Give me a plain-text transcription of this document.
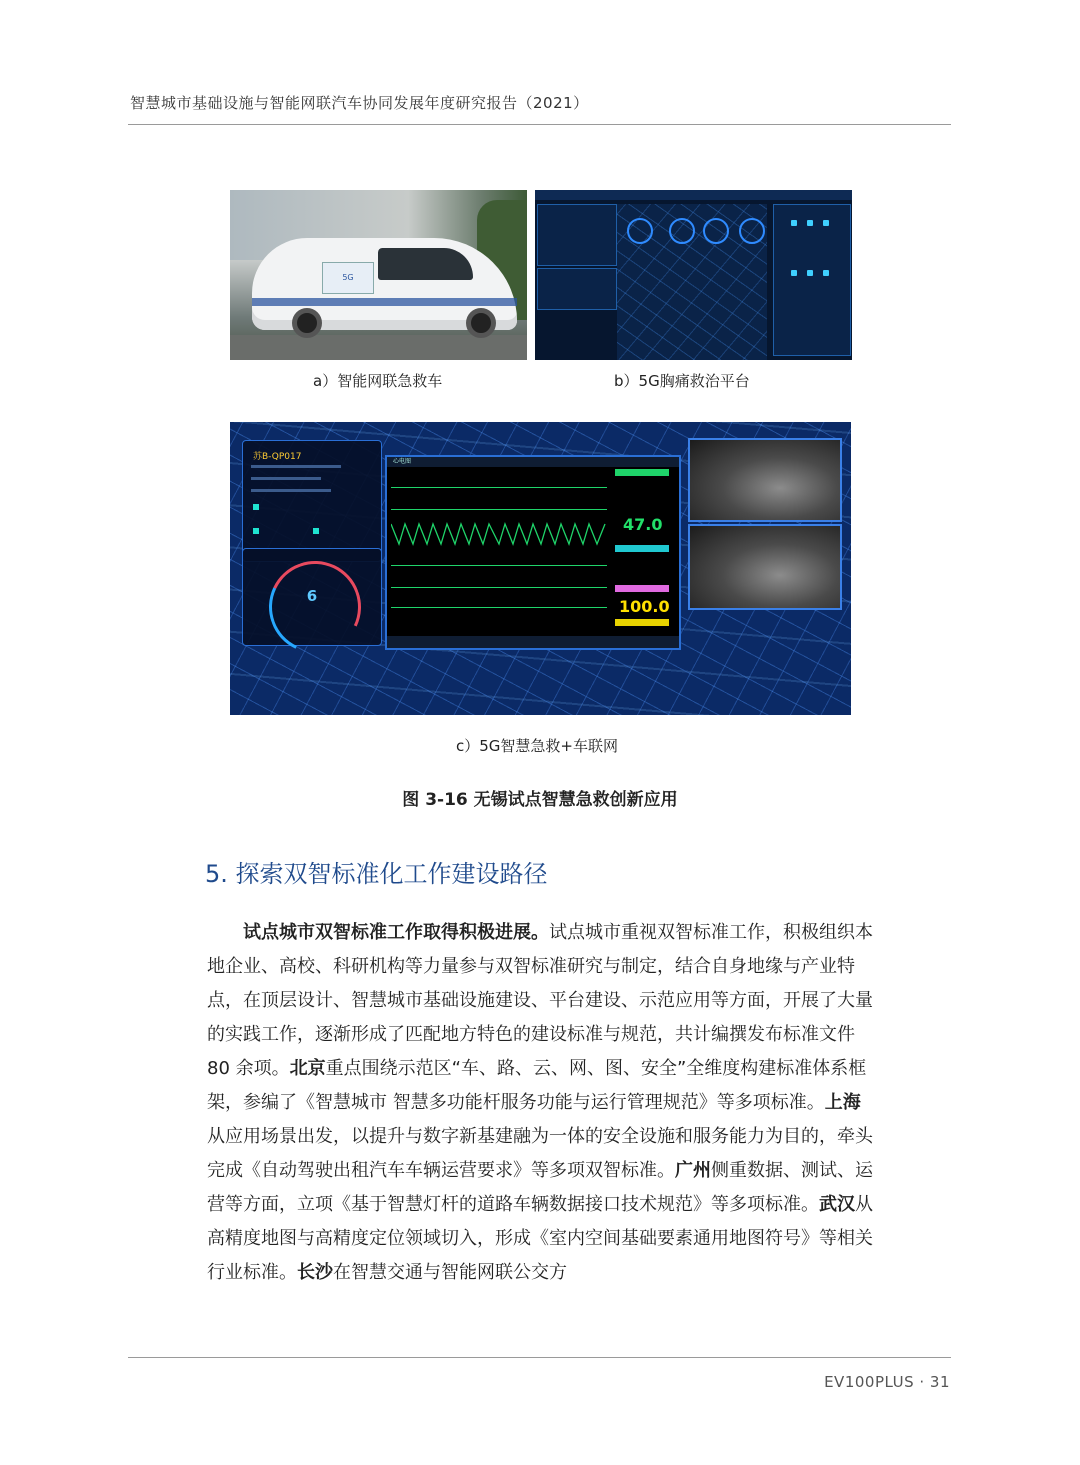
智慧城市基础设施与智能网联汽车协同发展年度研究报告（2021）
5G
a）智能网联急救车	b）5G胸痛救治平台
苏B-QP017
6
心电图
47.0
100.0
c）5G智慧急救+车联网
图 3-16 无锡试点智慧急救创新应用
5. 探索双智标准化工作建设路径

试点城市双智标准工作取得积极进展。试点城市重视双智标准工作，积极组织本地企业、高校、科研机构等力量参与双智标准研究与制定，结合自身地缘与产业特点，在顶层设计、智慧城市基础设施建设、平台建设、示范应用等方面，开展了大量的实践工作，逐渐形成了匹配地方特色的建设标准与规范，共计编撰发布标准文件 80 余项。北京重点围绕示范区“车、路、云、网、图、安全”全维度构建标准体系框架，参编了《智慧城市 智慧多功能杆服务功能与运行管理规范》等多项标准。上海从应用场景出发，以提升与数字新基建融为一体的安全设施和服务能力为目的，牵头完成《自动驾驶出租汽车车辆运营要求》等多项双智标准。广州侧重数据、测试、运营等方面，立项《基于智慧灯杆的道路车辆数据接口技术规范》等多项标准。武汉从高精度地图与高精度定位领域切入，形成《室内空间基础要素通用地图符号》等相关行业标准。长沙在智慧交通与智能网联公交方

EV100PLUS · 31
